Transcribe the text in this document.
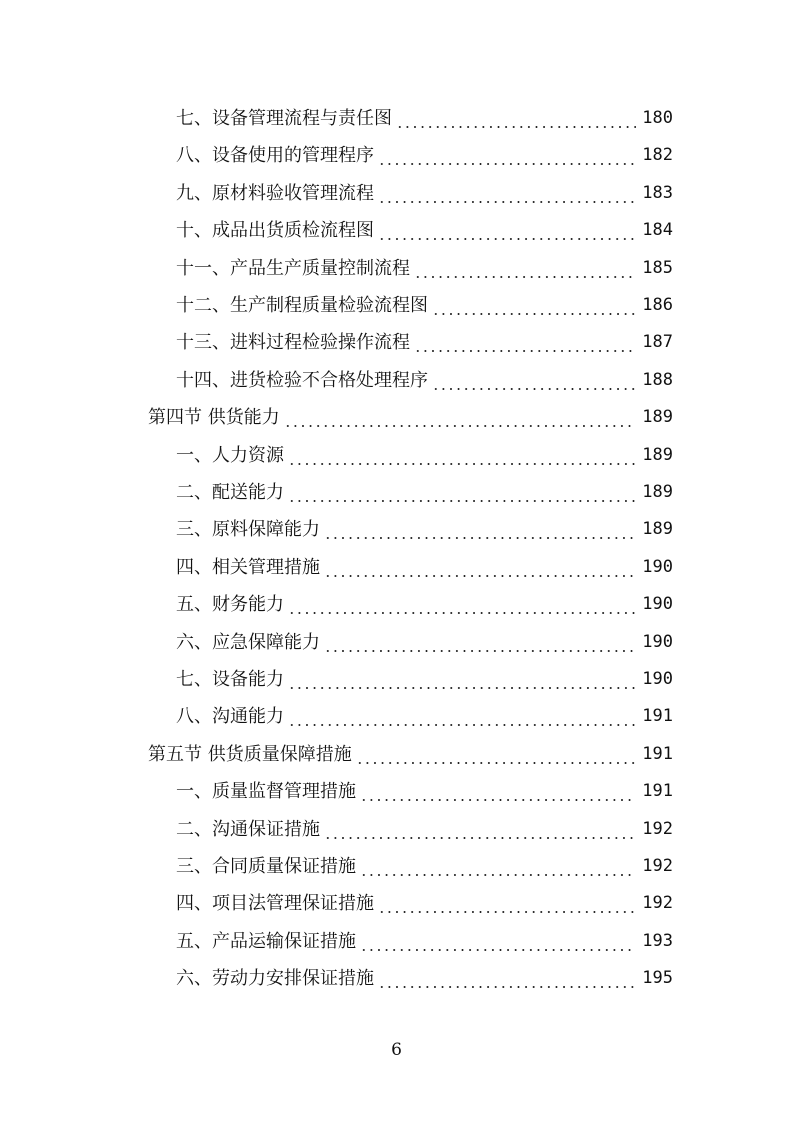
七、设备管理流程与责任图	180
八、设备使用的管理程序	182
九、原材料验收管理流程	183
十、成品出货质检流程图	184
十一、产品生产质量控制流程	185
十二、生产制程质量检验流程图	186
十三、进料过程检验操作流程	187
十四、进货检验不合格处理程序	188
第四节 供货能力	189
一、人力资源	189
二、配送能力	189
三、原料保障能力	189
四、相关管理措施	190
五、财务能力	190
六、应急保障能力	190
七、设备能力	190
八、沟通能力	191
第五节 供货质量保障措施	191
一、质量监督管理措施	191
二、沟通保证措施	192
三、合同质量保证措施	192
四、项目法管理保证措施	192
五、产品运输保证措施	193
六、劳动力安排保证措施	195
6
